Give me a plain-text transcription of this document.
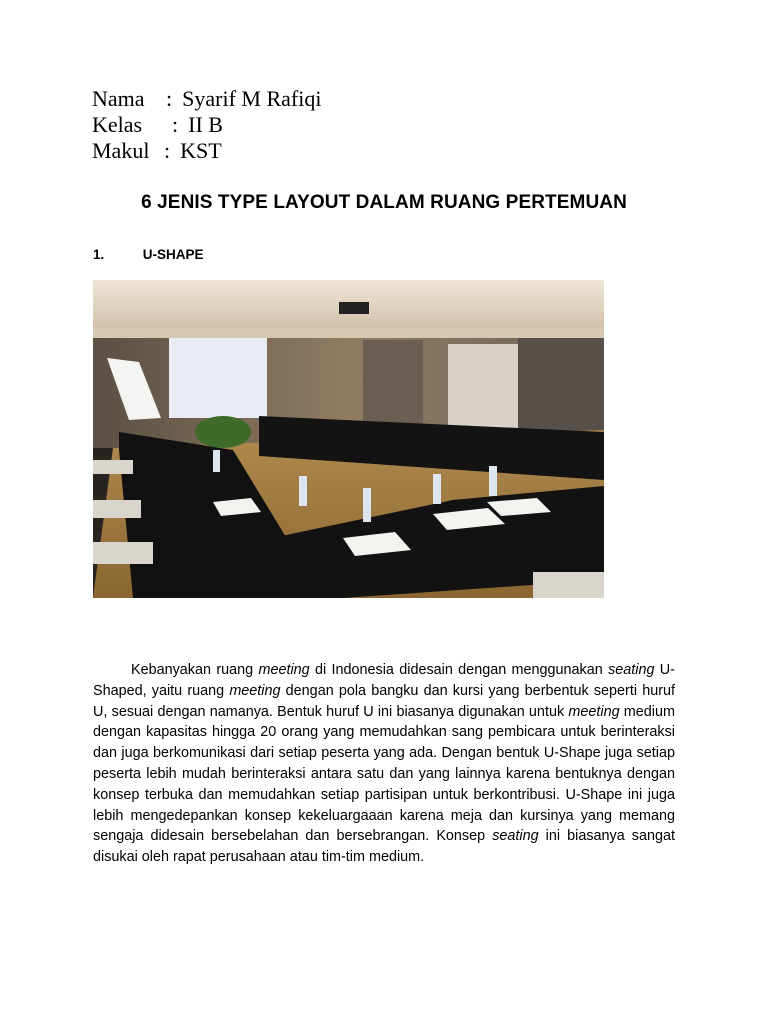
Nama : Syarif M Rafiqi
Kelas	: II B
Makul : KST
6 JENIS TYPE LAYOUT DALAM RUANG PERTEMUAN
1.	U-SHAPE

Kebanyakan ruang meeting di Indonesia didesain dengan menggunakan seating U-Shaped, yaitu ruang meeting dengan pola bangku dan kursi yang berbentuk seperti huruf U, sesuai dengan namanya. Bentuk huruf U ini biasanya digunakan untuk meeting medium dengan kapasitas hingga 20 orang yang memudahkan sang pembicara untuk berinteraksi dan juga berkomunikasi dari setiap peserta yang ada. Dengan bentuk U-Shape juga setiap peserta lebih mudah berinteraksi antara satu dan yang lainnya karena bentuknya dengan konsep terbuka dan memudahkan setiap partisipan untuk berkontribusi. U-Shape ini juga lebih mengedepankan konsep kekeluargaaan karena meja dan kursinya yang memang sengaja didesain bersebelahan dan bersebrangan. Konsep seating ini biasanya sangat disukai oleh rapat perusahaan atau tim-tim medium.
